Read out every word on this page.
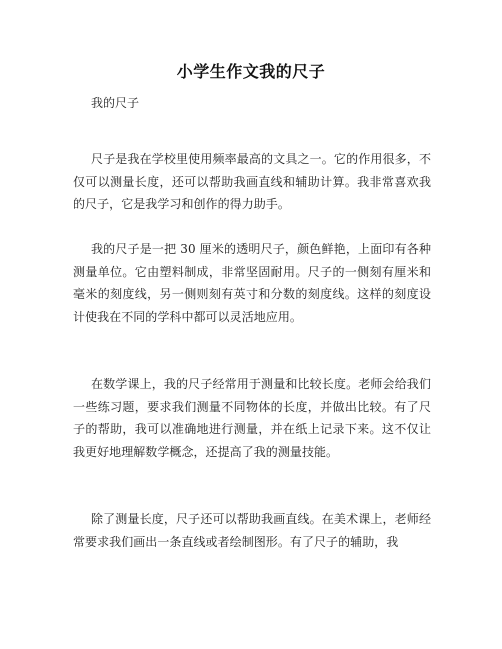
小学生作文我的尺子
我的尺子
尺子是我在学校里使用频率最高的文具之一。它的作用很多，不仅可以测量长度，还可以帮助我画直线和辅助计算。我非常喜欢我的尺子，它是我学习和创作的得力助手。
我的尺子是一把 30 厘米的透明尺子，颜色鲜艳，上面印有各种测量单位。它由塑料制成，非常坚固耐用。尺子的一侧刻有厘米和毫米的刻度线，另一侧则刻有英寸和分数的刻度线。这样的刻度设计使我在不同的学科中都可以灵活地应用。
在数学课上，我的尺子经常用于测量和比较长度。老师会给我们一些练习题，要求我们测量不同物体的长度，并做出比较。有了尺子的帮助，我可以准确地进行测量，并在纸上记录下来。这不仅让我更好地理解数学概念，还提高了我的测量技能。
除了测量长度，尺子还可以帮助我画直线。在美术课上，老师经常要求我们画出一条直线或者绘制图形。有了尺子的辅助，我
